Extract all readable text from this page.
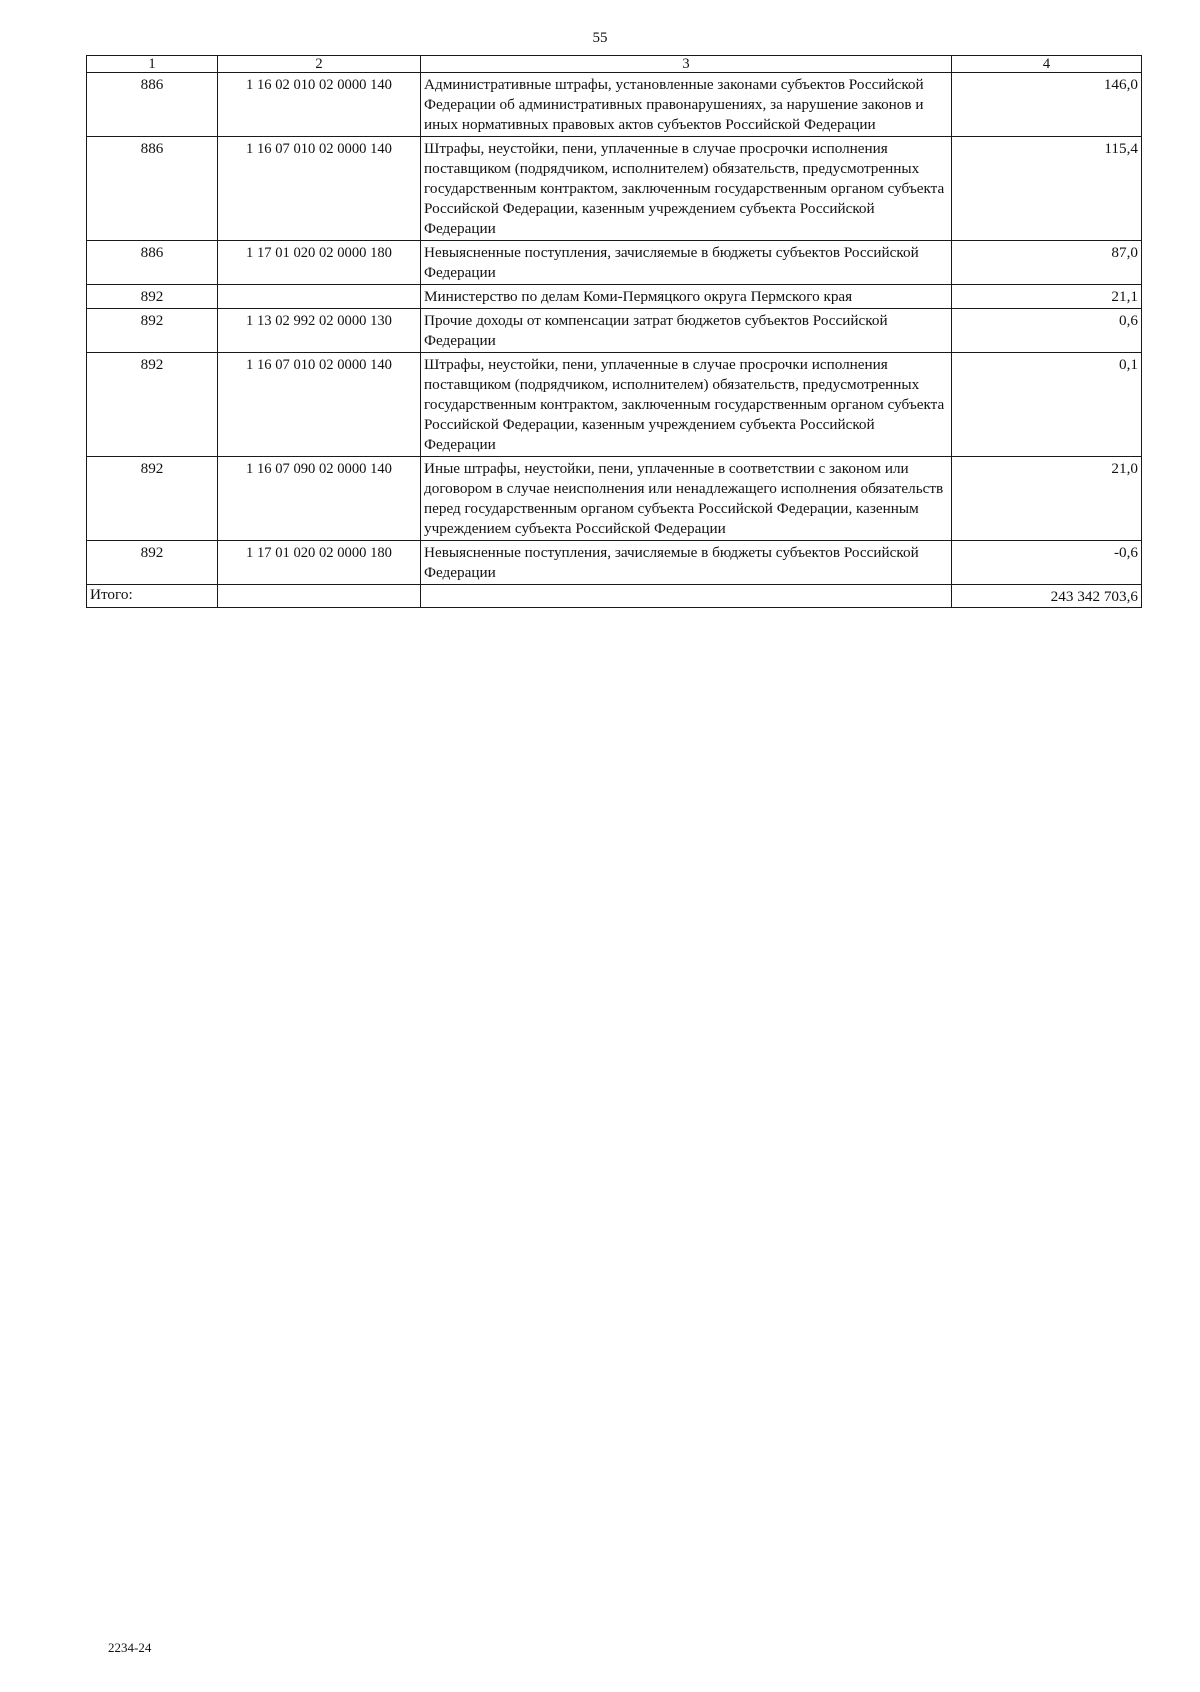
55
1	2	3	4
886	1 16 02 010 02 0000 140	Административные штрафы, установленные законами субъектов Российской Федерации об административных правонарушениях, за нарушение законов и иных нормативных правовых актов субъектов Российской Федерации	146,0
886	1 16 07 010 02 0000 140	Штрафы, неустойки, пени, уплаченные в случае просрочки исполнения поставщиком (подрядчиком, исполнителем) обязательств, предусмотренных государственным контрактом, заключенным государственным органом субъекта Российской Федерации, казенным учреждением субъекта Российской Федерации	115,4
886	1 17 01 020 02 0000 180	Невыясненные поступления, зачисляемые в бюджеты субъектов Российской Федерации	87,0
892		Министерство по делам Коми-Пермяцкого округа Пермского края	21,1
892	1 13 02 992 02 0000 130	Прочие доходы от компенсации затрат бюджетов субъектов Российской Федерации	0,6
892	1 16 07 010 02 0000 140	Штрафы, неустойки, пени, уплаченные в случае просрочки исполнения поставщиком (подрядчиком, исполнителем) обязательств, предусмотренных государственным контрактом, заключенным государственным органом субъекта Российской Федерации, казенным учреждением субъекта Российской Федерации	0,1
892	1 16 07 090 02 0000 140	Иные штрафы, неустойки, пени, уплаченные в соответствии с законом или договором в случае неисполнения или ненадлежащего исполнения обязательств перед государственным органом субъекта Российской Федерации, казенным учреждением субъекта Российской Федерации	21,0
892	1 17 01 020 02 0000 180	Невыясненные поступления, зачисляемые в бюджеты субъектов Российской Федерации	-0,6
Итого:			243 342 703,6
2234-24
